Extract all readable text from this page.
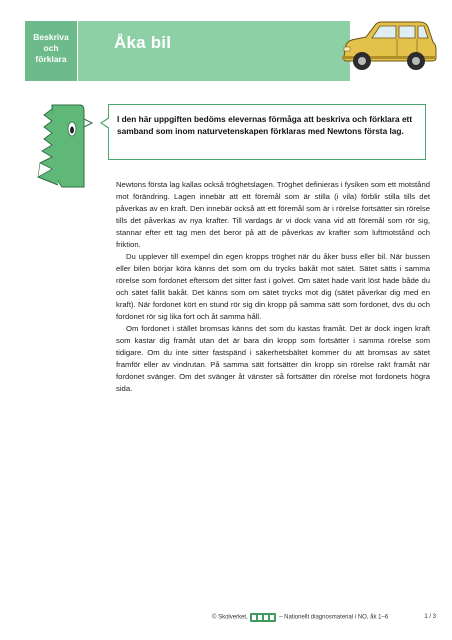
Beskriva
och
förklara
Åka bil
I den här uppgiften bedöms elevernas förmåga att beskriva och förklara ett samband som inom naturvetenskapen förklaras med Newtons första lag.

Newtons första lag kallas också tröghetslagen. Tröghet definieras i fysiken som ett motstånd mot förändring. Lagen innebär att ett föremål som är stilla (i vila) förblir stilla tills det påverkas av en kraft. Den innebär också att ett föremål som är i rörelse fortsätter sin rörelse tills det påverkas av nya krafter. Till vardags är vi dock vana vid att föremål som rör sig, stannar efter ett tag men det beror på att de påverkas av krafter som luftmotstånd och friktion.

Du upplever till exempel din egen kropps tröghet när du åker buss eller bil. När bussen eller bilen börjar köra känns det som om du trycks bakåt mot sätet. Sätet sätts i samma rörelse som fordonet eftersom det sitter fast i golvet. Om sätet hade varit löst hade både du och sätet fallit bakåt. Det känns som om sätet trycks mot dig (sätet påverkar dig med en kraft). När fordonet kört en stund rör sig din kropp på samma sätt som fordonet, dvs du och fordonet rör sig lika fort och åt samma håll.

Om fordonet i stället bromsas känns det som du kastas framåt. Det är dock ingen kraft som kastar dig framåt utan det är bara din kropp som fortsätter i samma rörelse som tidigare. Om du inte sitter fastspänd i säkerhetsbältet kommer du att bromsas av sätet framför eller av vindrutan. På samma sätt fortsätter din kropp sin rörelse rakt framåt när fordonet svänger. Om det svänger åt vänster så fortsätter din rörelse mot fordonets högra sida.

© Skolverket,	– Nationellt diagnosmaterial i NO, åk 1–6	1 / 3
